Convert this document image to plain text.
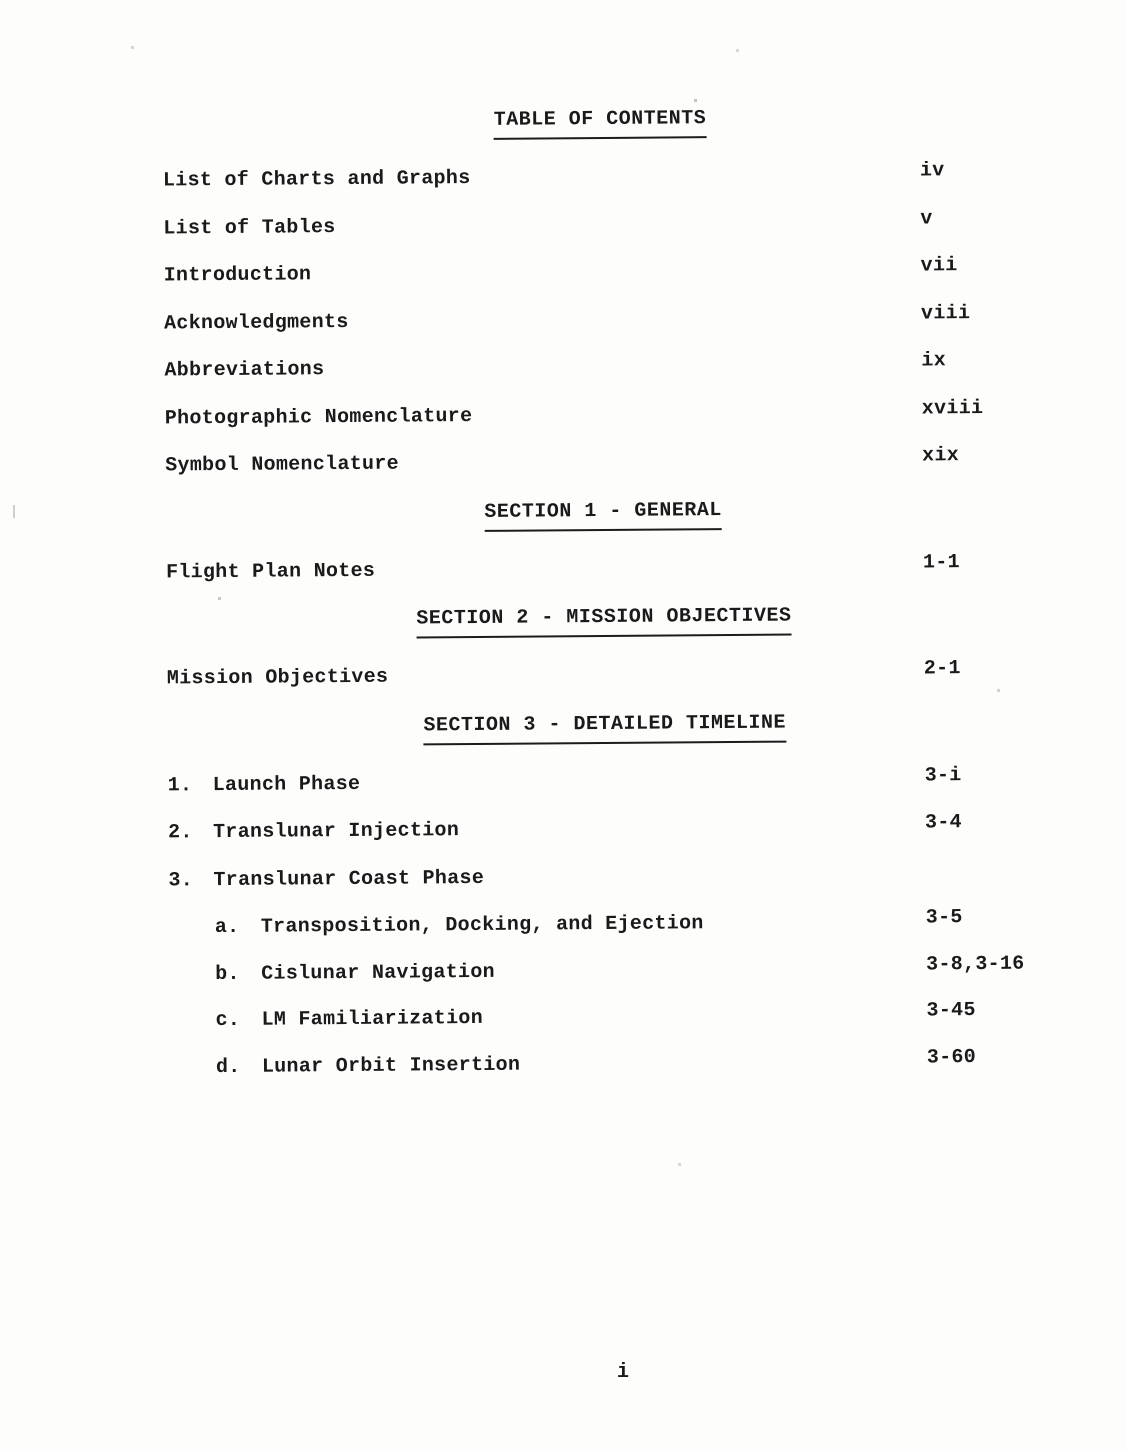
TABLE OF CONTENTS
List of Charts and Graphs	iv
List of Tables	v
Introduction	vii
Acknowledgments	viii
Abbreviations	ix
Photographic Nomenclature	xviii
Symbol Nomenclature	xix
SECTION 1 - GENERAL
Flight Plan Notes	1-1
SECTION 2 - MISSION OBJECTIVES
Mission Objectives	2-1
SECTION 3 - DETAILED TIMELINE
1. Launch Phase	3-i
2. Translunar Injection	3-4
3. Translunar Coast Phase
a. Transposition, Docking, and Ejection	3-5
b. Cislunar Navigation	3-8,3-16
c. LM Familiarization	3-45
d. Lunar Orbit Insertion	3-60
i
